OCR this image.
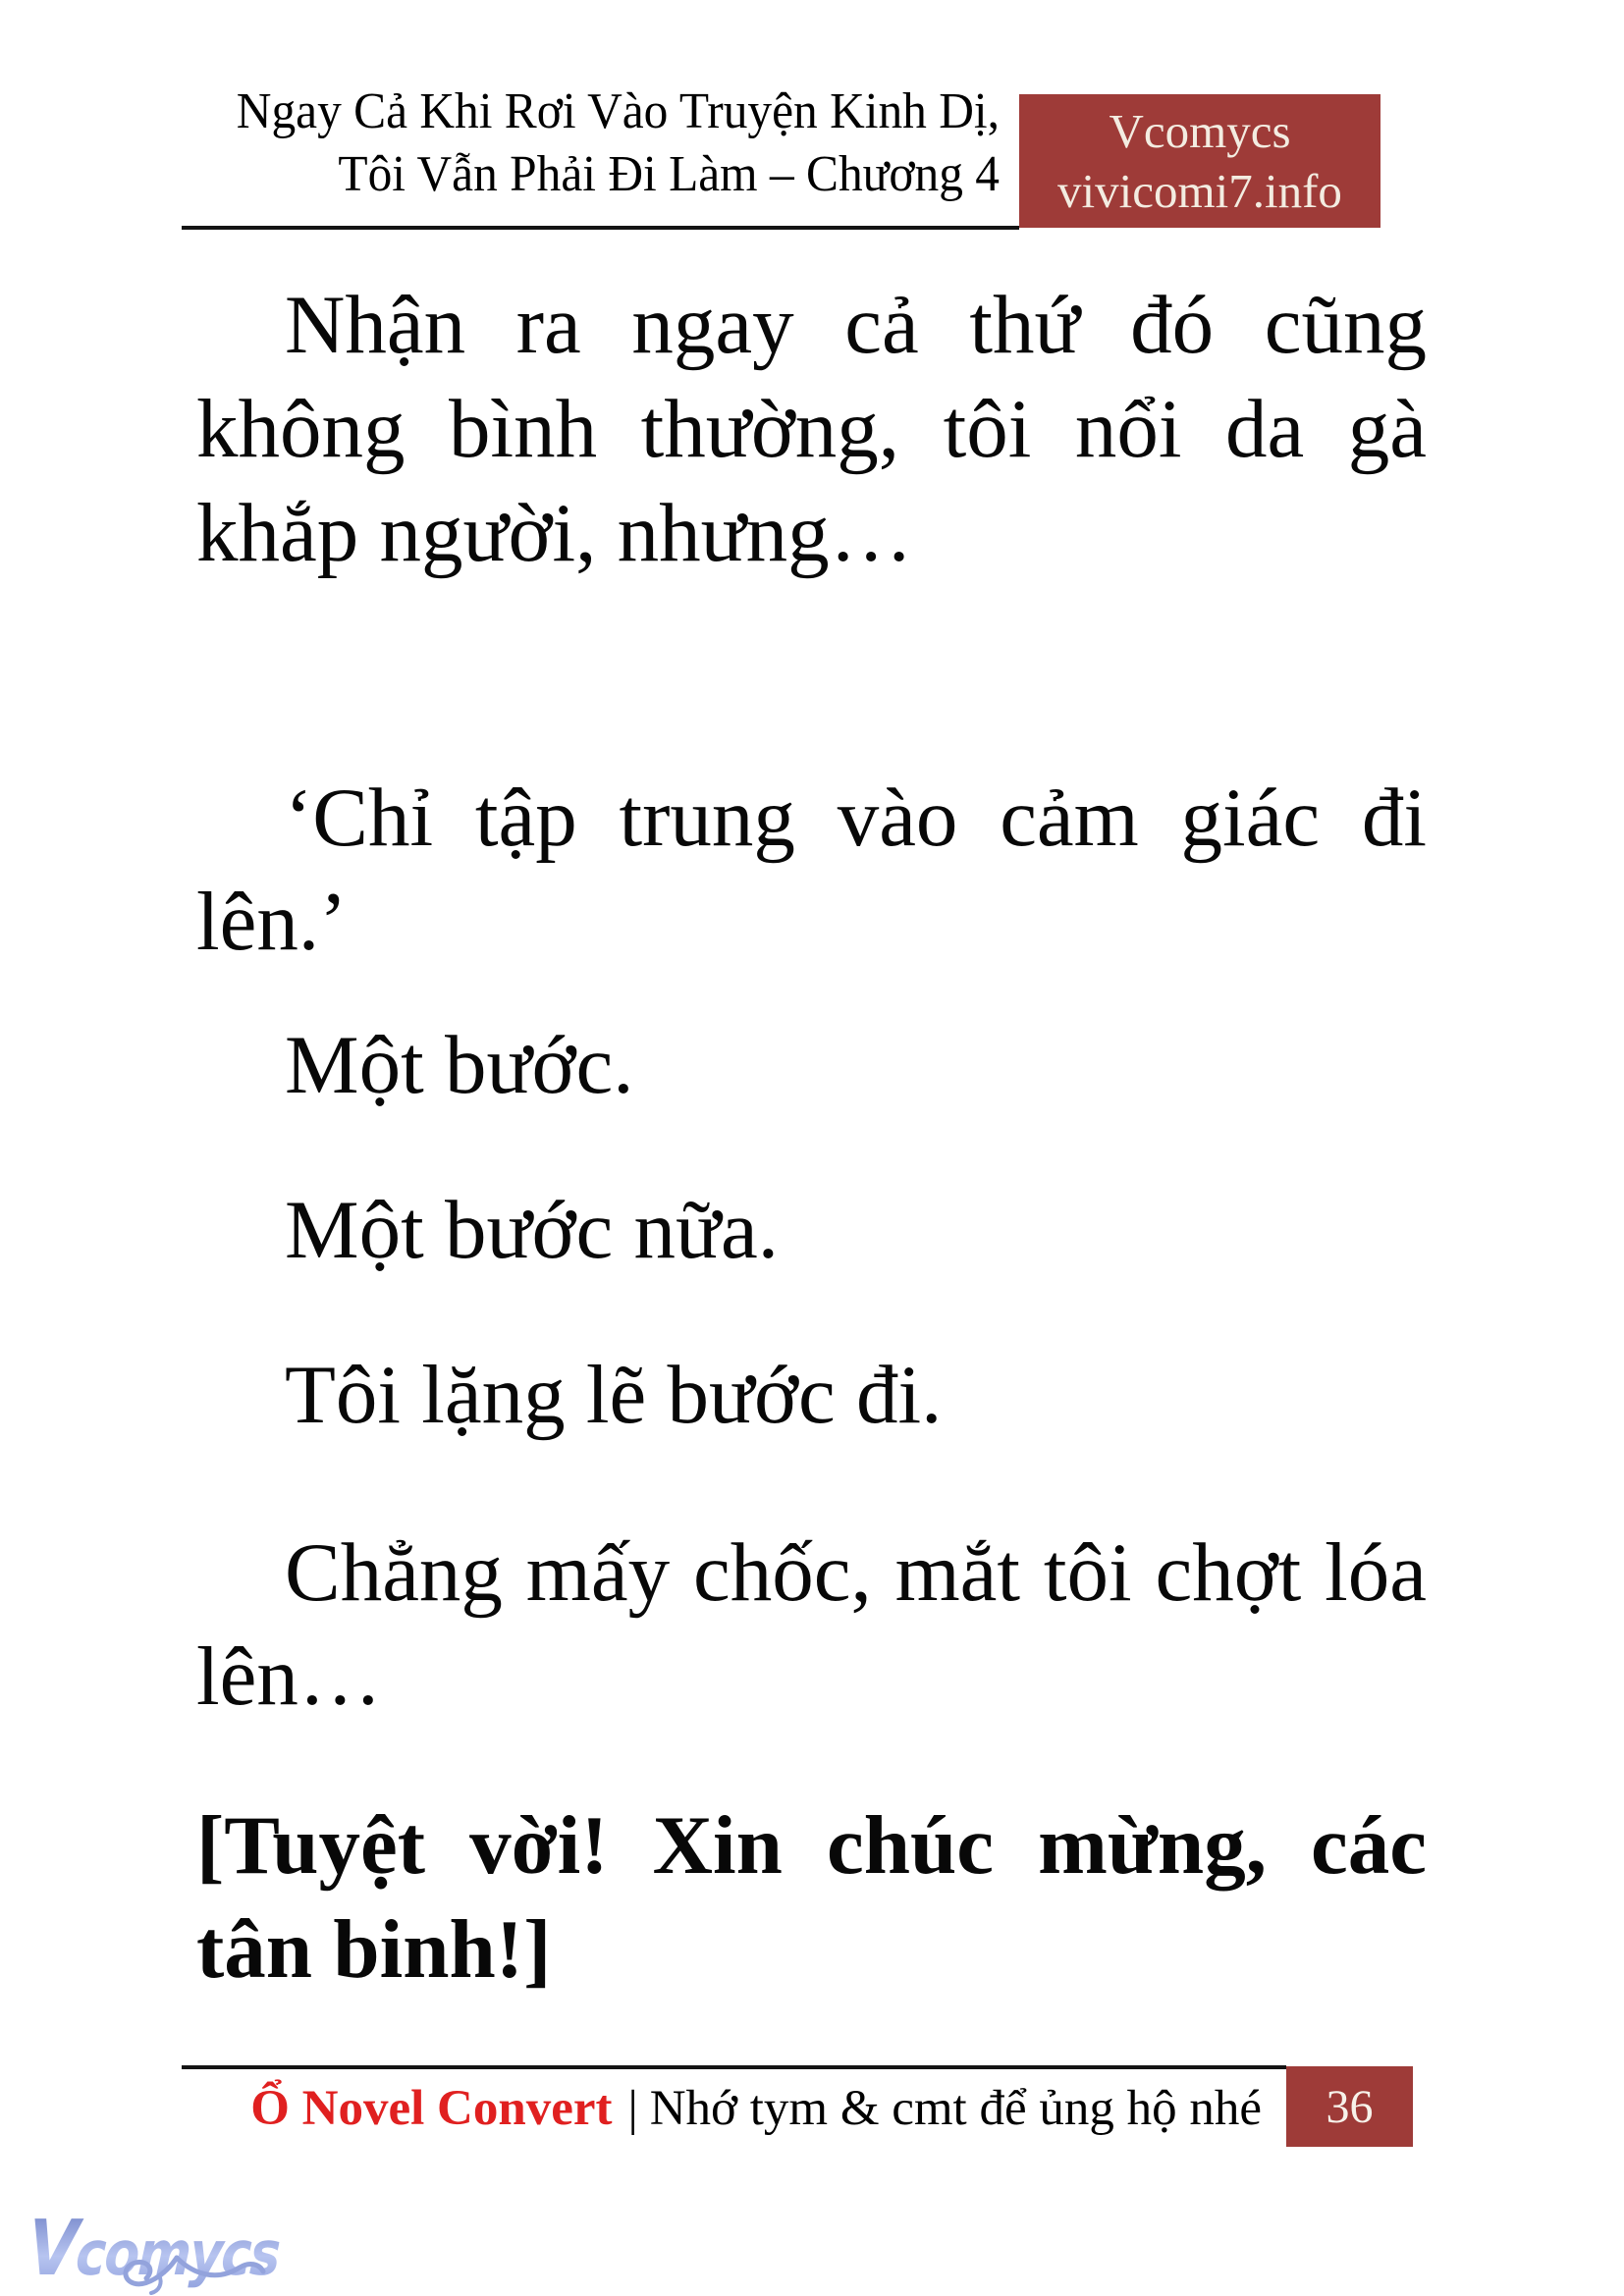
Ngay Cả Khi Rơi Vào Truyện Kinh Dị,
Tôi Vẫn Phải Đi Làm – Chương 4
Vcomycs
vivicomi7.info

Nhận ra ngay cả thứ đó cũng
không bình thường, tôi nổi da gà
khắp người, nhưng…

‘Chỉ tập trung vào cảm giác đi
lên.’

Một bước.

Một bước nữa.

Tôi lặng lẽ bước đi.

Chẳng mấy chốc, mắt tôi chợt lóa
lên…

[Tuyệt vời! Xin chúc mừng, các
tân binh!]

Ổ Novel Convert | Nhớ tym & cmt để ủng hộ nhé 36
Vcomycs
